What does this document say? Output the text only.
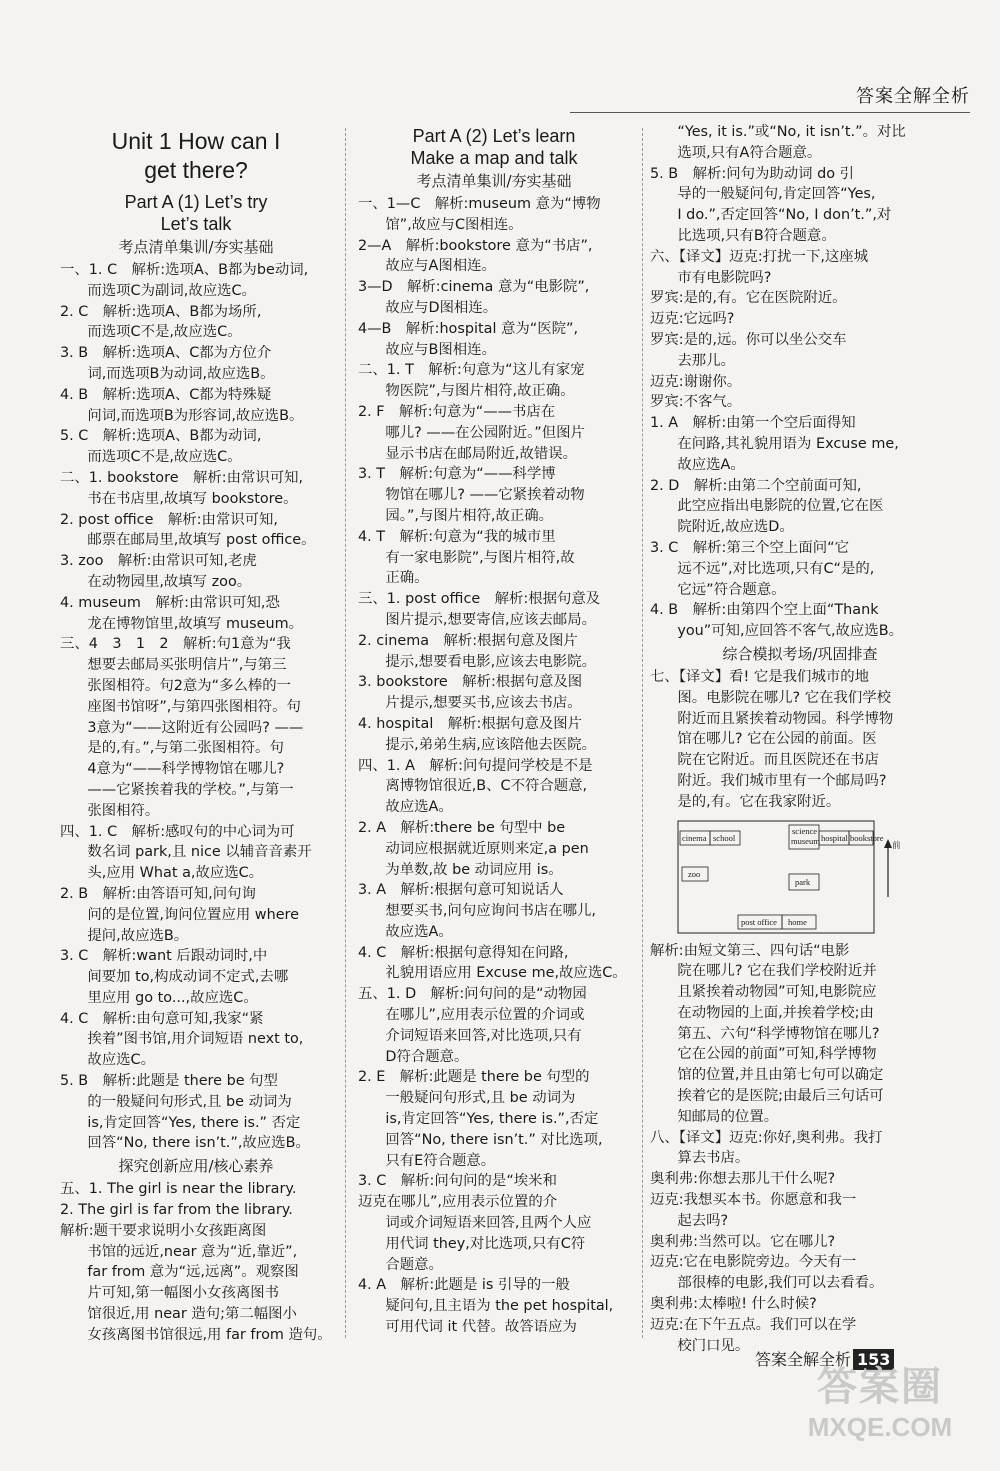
答案全解全析
Unit 1 How can I
get there?
Part A (1) Let’s try
Let’s talk
考点清单集训/夯实基础
一、1. C　解析:选项A、B都为be动词,
而选项C为副词,故应选C。
2. C　解析:选项A、B都为场所,
而选项C不是,故应选C。
3. B　解析:选项A、C都为方位介
词,而选项B为动词,故应选B。
4. B　解析:选项A、C都为特殊疑
问词,而选项B为形容词,故应选B。
5. C　解析:选项A、B都为动词,
而选项C不是,故应选C。
二、1. bookstore　解析:由常识可知,
书在书店里,故填写 bookstore。
2. post office　解析:由常识可知,
邮票在邮局里,故填写 post office。
3. zoo　解析:由常识可知,老虎
在动物园里,故填写 zoo。
4. museum　解析:由常识可知,恐
龙在博物馆里,故填写 museum。
三、4　3　1　2　解析:句1意为“我
想要去邮局买张明信片”,与第三
张图相符。句2意为“多么棒的一
座图书馆呀”,与第四张图相符。句
3意为“——这附近有公园吗? ——
是的,有。”,与第二张图相符。句
4意为“——科学博物馆在哪儿?
——它紧挨着我的学校。”,与第一
张图相符。
四、1. C　解析:感叹句的中心词为可
数名词 park,且 nice 以辅音音素开
头,应用 What a,故应选C。
2. B　解析:由答语可知,问句询
问的是位置,询问位置应用 where
提问,故应选B。
3. C　解析:want 后跟动词时,中
间要加 to,构成动词不定式,去哪
里应用 go to...,故应选C。
4. C　解析:由句意可知,我家“紧
挨着”图书馆,用介词短语 next to,
故应选C。
5. B　解析:此题是 there be 句型
的一般疑问句形式,且 be 动词为
is,肯定回答“Yes, there is.” 否定
回答“No, there isn’t.”,故应选B。
探究创新应用/核心素养
五、1. The girl is near the library.
2. The girl is far from the library.
解析:题干要求说明小女孩距离图
书馆的远近,near 意为“近,靠近”,
far from 意为“远,远离”。观察图
片可知,第一幅图小女孩离图书
馆很近,用 near 造句;第二幅图小
女孩离图书馆很远,用 far from 造句。
Part A (2) Let’s learn
Make a map and talk
考点清单集训/夯实基础
一、1—C　解析:museum 意为“博物
馆”,故应与C图相连。
2—A　解析:bookstore 意为“书店”,
故应与A图相连。
3—D　解析:cinema 意为“电影院”,
故应与D图相连。
4—B　解析:hospital 意为“医院”,
故应与B图相连。
二、1. T　解析:句意为“这儿有家宠
物医院”,与图片相符,故正确。
2. F　解析:句意为“——书店在
哪儿? ——在公园附近。”但图片
显示书店在邮局附近,故错误。
3. T　解析:句意为“——科学博
物馆在哪儿? ——它紧挨着动物
园。”,与图片相符,故正确。
4. T　解析:句意为“我的城市里
有一家电影院”,与图片相符,故
正确。
三、1. post office　解析:根据句意及
图片提示,想要寄信,应该去邮局。
2. cinema　解析:根据句意及图片
提示,想要看电影,应该去电影院。
3. bookstore　解析:根据句意及图
片提示,想要买书,应该去书店。
4. hospital　解析:根据句意及图片
提示,弟弟生病,应该陪他去医院。
四、1. A　解析:问句提问学校是不是
离博物馆很近,B、C不符合题意,
故应选A。
2. A　解析:there be 句型中 be
动词应根据就近原则来定,a pen
为单数,故 be 动词应用 is。
3. A　解析:根据句意可知说话人
想要买书,问句应询问书店在哪儿,
故应选A。
4. C　解析:根据句意得知在问路,
礼貌用语应用 Excuse me,故应选C。
五、1. D　解析:问句问的是“动物园
在哪儿”,应用表示位置的介词或
介词短语来回答,对比选项,只有
D符合题意。
2. E　解析:此题是 there be 句型的
一般疑问句形式,且 be 动词为
is,肯定回答“Yes, there is.”,否定
回答“No, there isn’t.” 对比选项,
只有E符合题意。
3. C　解析:问句问的是“埃米和
迈克在哪儿”,应用表示位置的介
词或介词短语来回答,且两个人应
用代词 they,对比选项,只有C符
合题意。
4. A　解析:此题是 is 引导的一般
疑问句,且主语为 the pet hospital,
可用代词 it 代替。故答语应为
“Yes, it is.”或“No, it isn’t.”。对比
选项,只有A符合题意。
5. B　解析:问句为助动词 do 引
导的一般疑问句,肯定回答“Yes,
I do.”,否定回答“No, I don’t.”,对
比选项,只有B符合题意。
六、【译文】迈克:打扰一下,这座城
市有电影院吗?
罗宾:是的,有。它在医院附近。
迈克:它远吗?
罗宾:是的,远。你可以坐公交车
去那儿。
迈克:谢谢你。
罗宾:不客气。
1. A　解析:由第一个空后面得知
在问路,其礼貌用语为 Excuse me,
故应选A。
2. D　解析:由第二个空前面可知,
此空应指出电影院的位置,它在医
院附近,故应选D。
3. C　解析:第三个空上面问“它
远不远”,对比选项,只有C“是的,
它远”符合题意。
4. B　解析:由第四个空上面“Thank
you”可知,应回答不客气,故应选B。
综合模拟考场/巩固排查
七、【译文】看! 它是我们城市的地
图。电影院在哪儿? 它在我们学校
附近而且紧挨着动物园。科学博物
馆在哪儿? 它在公园的前面。医
院在它附近。而且医院还在书店
附近。我们城市里有一个邮局吗?
是的,有。它在我家附近。
cinema school
science
museum hospital bookstore
zoo
park
post office home
前
解析:由短文第三、四句话“电影
院在哪儿? 它在我们学校附近并
且紧挨着动物园”可知,电影院应
在动物园的上面,并挨着学校;由
第五、六句“科学博物馆在哪儿?
它在公园的前面”可知,科学博物
馆的位置,并且由第七句可以确定
挨着它的是医院;由最后三句话可
知邮局的位置。
八、【译文】迈克:你好,奥利弗。我打
算去书店。
奥利弗:你想去那儿干什么呢?
迈克:我想买本书。你愿意和我一
起去吗?
奥利弗:当然可以。它在哪儿?
迈克:它在电影院旁边。今天有一
部很棒的电影,我们可以去看看。
奥利弗:太棒啦! 什么时候?
迈克:在下午五点。我们可以在学
校门口见。
答案全解全析 153
答案圈
MXQE.COM
